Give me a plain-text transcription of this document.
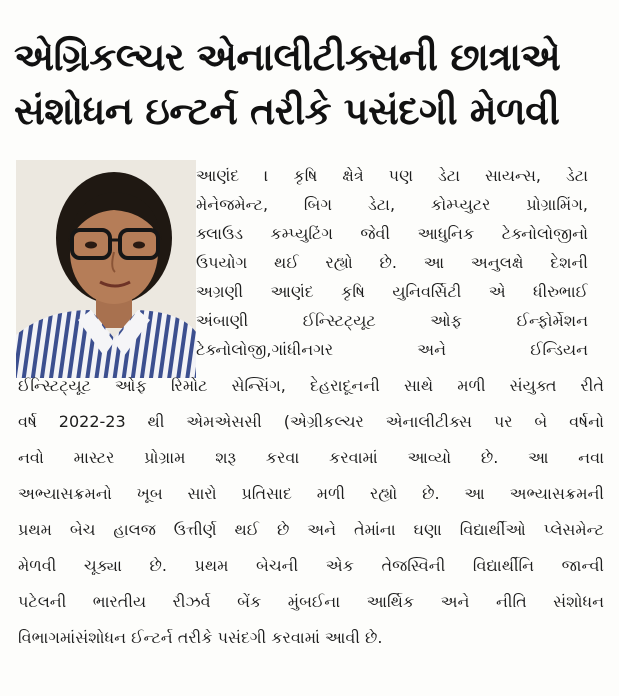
એગ્રિકલ્ચર એનાલીટીક્સની છાત્રાએ
સંશોધન ઇન્ટર્ન તરીકે પસંદગી મેળવી
આણંદ । કૃષિ ક્ષેત્રે પણ ડેટા સાયન્સ, ડેટા
મેનેજમેન્ટ, બિગ ડેટા, કોમ્પ્યુટર પ્રોગ્રામિંગ,
ક્લાઉડ કમ્પ્યુટિંગ જેવી આધુનિક ટેક્નોલોજીનો
ઉપયોગ થઈ રહ્યો છે. આ અનુલક્ષે દેશની
અગ્રણી આણંદ કૃષિ યુનિવર્સિટી એ ધીરુભાઈ
અંબાણી ઈન્સ્ટિટ્યૂટ ઓફ ઈન્ફોર્મેશન
ટેક્નોલોજી,ગાંધીનગર અને ઈન્ડિયન
ઈન્સ્ટિટ્યૂટ ઓફ રિમોટ સેન્સિંગ, દેહરાદૂનની સાથે મળી સંયુક્ત રીતે
વર્ષ 2022-23 થી એમએસસી (એગ્રીકલ્ચર એનાલીટીક્સ પર બે વર્ષનો
નવો માસ્ટર પ્રોગ્રામ શરૂ કરવા કરવામાં આવ્યો છે. આ નવા
અભ્યાસક્રમનો ખૂબ સારો પ્રતિસાદ મળી રહ્યો છે. આ અભ્યાસક્રમની
પ્રથમ બેચ હાલજ ઉત્તીર્ણ થઈ છે અને તેમાંના ઘણા વિદ્યાર્થીઓ પ્લેસમેન્ટ
મેળવી ચૂક્યા છે. પ્રથમ બેચની એક તેજસ્વિની વિદ્યાર્થીનિ જાન્વી
પટેલની ભારતીય રીઝર્વ બેંક મુંબઈના આર્થિક અને નીતિ સંશોધન
વિભાગમાંસંશોધન ઈન્ટર્ન તરીકે પસંદગી કરવામાં આવી છે.
